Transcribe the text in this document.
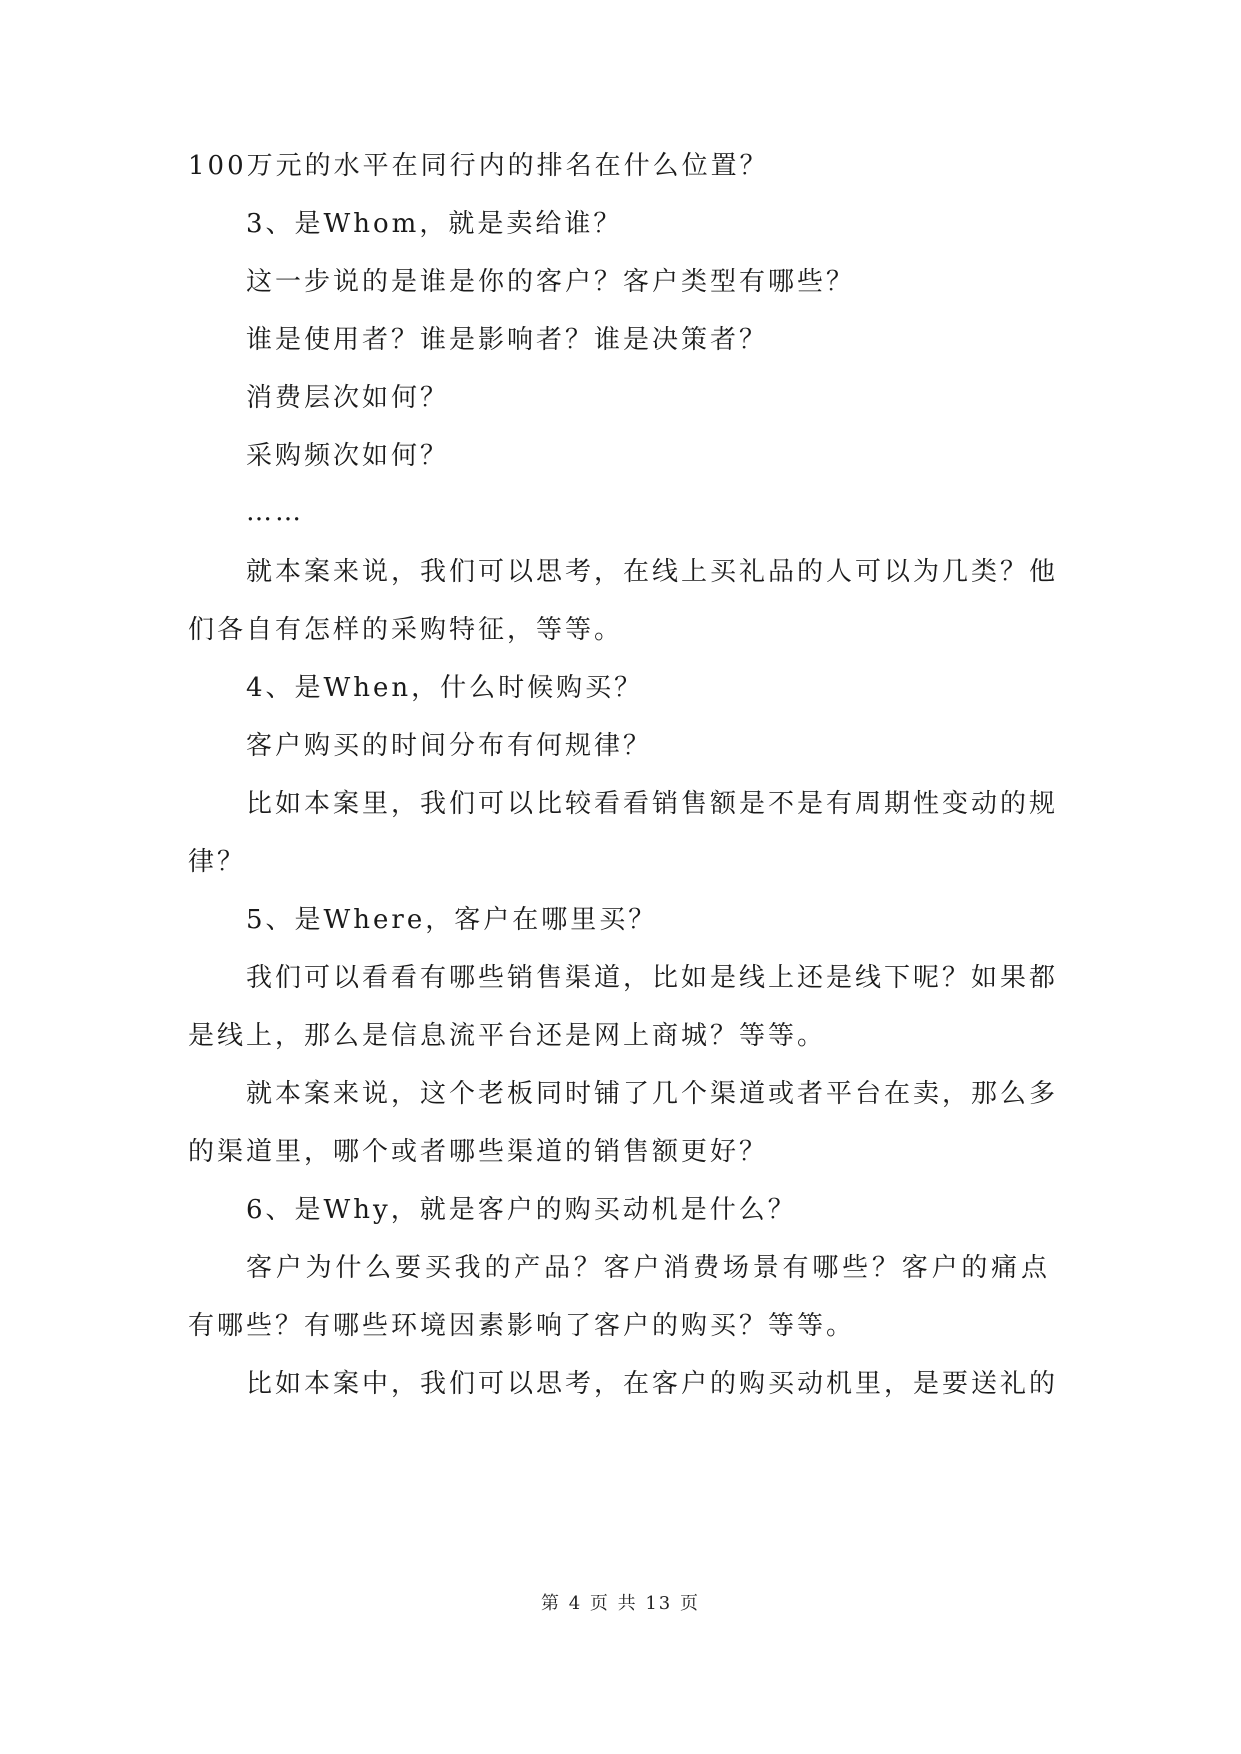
100万元的水平在同行内的排名在什么位置？
3、是Whom，就是卖给谁？
这一步说的是谁是你的客户？客户类型有哪些？
谁是使用者？谁是影响者？谁是决策者？
消费层次如何？
采购频次如何？
……
就本案来说，我们可以思考，在线上买礼品的人可以为几类？他
们各自有怎样的采购特征，等等。
4、是When，什么时候购买？
客户购买的时间分布有何规律？
比如本案里，我们可以比较看看销售额是不是有周期性变动的规
律？
5、是Where，客户在哪里买？
我们可以看看有哪些销售渠道，比如是线上还是线下呢？如果都
是线上，那么是信息流平台还是网上商城？等等。
就本案来说，这个老板同时铺了几个渠道或者平台在卖，那么多
的渠道里，哪个或者哪些渠道的销售额更好？
6、是Why，就是客户的购买动机是什么？
客户为什么要买我的产品？客户消费场景有哪些？客户的痛点
有哪些？有哪些环境因素影响了客户的购买？等等。
比如本案中，我们可以思考，在客户的购买动机里，是要送礼的
第 4 页 共 13 页
